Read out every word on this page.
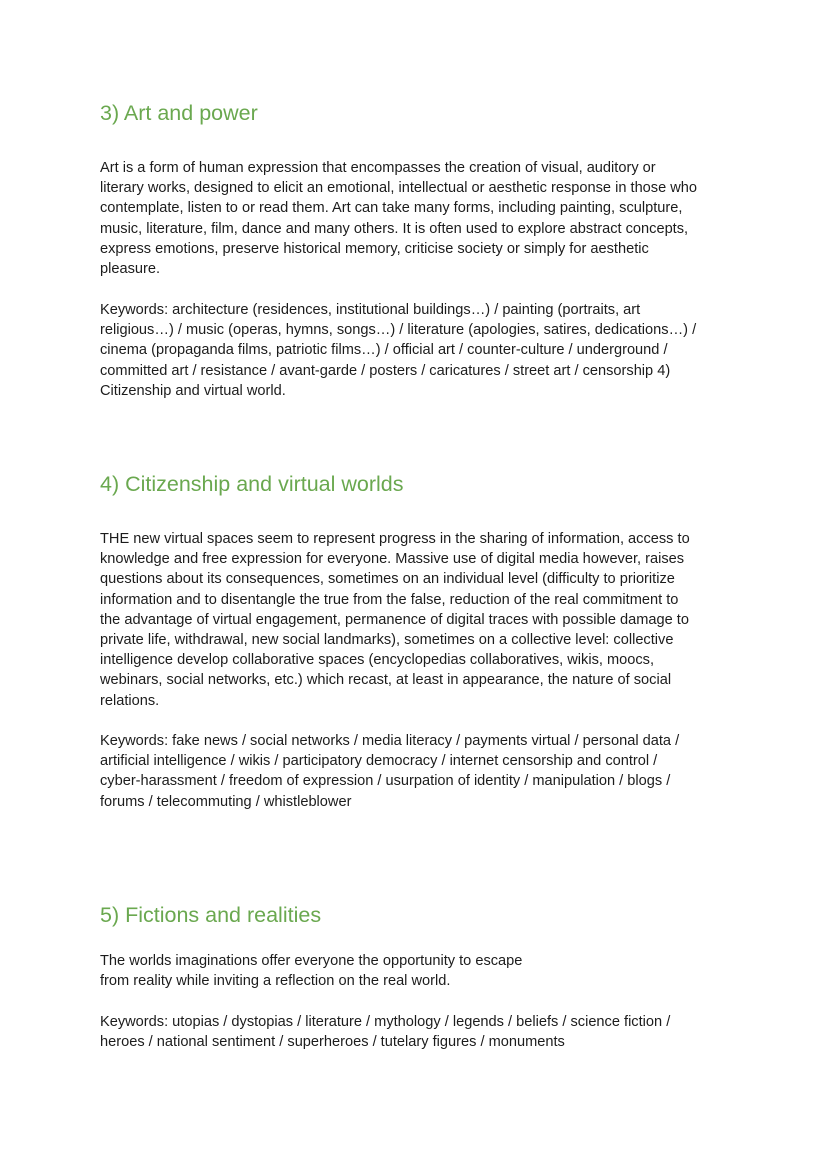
3) Art and power

Art is a form of human expression that encompasses the creation of visual, auditory or
literary works, designed to elicit an emotional, intellectual or aesthetic response in those who
contemplate, listen to or read them. Art can take many forms, including painting, sculpture,
music, literature, film, dance and many others. It is often used to explore abstract concepts,
express emotions, preserve historical memory, criticise society or simply for aesthetic
pleasure.

Keywords: architecture (residences, institutional buildings…) / painting (portraits, art
religious…) / music (operas, hymns, songs…) / literature (apologies, satires, dedications…) /
cinema (propaganda films, patriotic films…) / official art / counter-culture / underground /
committed art / resistance / avant-garde / posters / caricatures / street art / censorship 4)
Citizenship and virtual world.

4) Citizenship and virtual worlds

THE new virtual spaces seem to represent progress in the sharing of information, access to
knowledge and free expression for everyone. Massive use of digital media however, raises
questions about its consequences, sometimes on an individual level (difficulty to prioritize
information and to disentangle the true from the false, reduction of the real commitment to
the advantage of virtual engagement, permanence of digital traces with possible damage to
private life, withdrawal, new social landmarks), sometimes on a collective level: collective
intelligence develop collaborative spaces (encyclopedias collaboratives, wikis, moocs,
webinars, social networks, etc.) which recast, at least in appearance, the nature of social
relations.

Keywords: fake news / social networks / media literacy / payments virtual / personal data /
artificial intelligence / wikis / participatory democracy / internet censorship and control /
cyber-harassment / freedom of expression / usurpation of identity / manipulation / blogs /
forums / telecommuting / whistleblower

5) Fictions and realities

The worlds imaginations offer everyone the opportunity to escape
from reality while inviting a reflection on the real world.

Keywords: utopias / dystopias / literature / mythology / legends / beliefs / science fiction /
heroes / national sentiment / superheroes / tutelary figures / monuments
